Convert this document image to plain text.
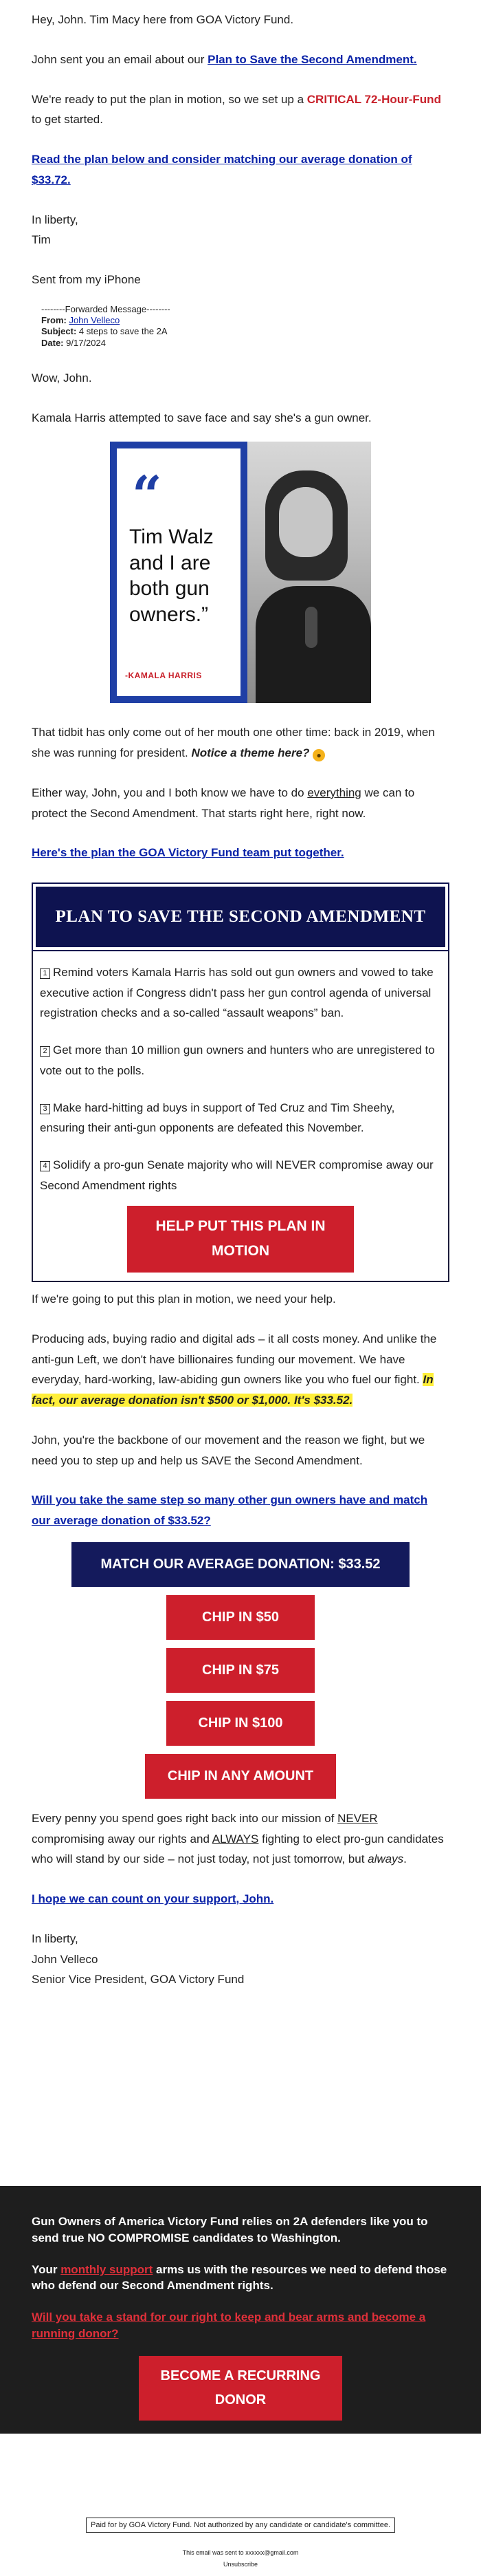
Hey, John. Tim Macy here from GOA Victory Fund.

John sent you an email about our Plan to Save the Second Amendment.

We're ready to put the plan in motion, so we set up a CRITICAL 72-Hour-Fund to get started.

Read the plan below and consider matching our average donation of $33.72.

In liberty,

Tim

Sent from my iPhone

--------Forwarded Message--------
From: John Velleco
Subject: 4 steps to save the 2A
Date: 9/17/2024

Wow, John.

Kamala Harris attempted to save face and say she's a gun owner.

“
Tim Walz and I are both gun owners.”
-KAMALA HARRIS

That tidbit has only come out of her mouth one other time: back in 2019, when she was running for president. Notice a theme here? ●

Either way, John, you and I both know we have to do everything we can to protect the Second Amendment. That starts right here, right now.

Here's the plan the GOA Victory Fund team put together.

PLAN TO SAVE THE SECOND AMENDMENT

1 Remind voters Kamala Harris has sold out gun owners and vowed to take executive action if Congress didn't pass her gun control agenda of universal registration checks and a so-called “assault weapons” ban.

2 Get more than 10 million gun owners and hunters who are unregistered to vote out to the polls.

3 Make hard-hitting ad buys in support of Ted Cruz and Tim Sheehy, ensuring their anti-gun opponents are defeated this November.

4 Solidify a pro-gun Senate majority who will NEVER compromise away our Second Amendment rights

HELP PUT THIS PLAN IN MOTION

If we're going to put this plan in motion, we need your help.

Producing ads, buying radio and digital ads – it all costs money. And unlike the anti-gun Left, we don't have billionaires funding our movement. We have everyday, hard-working, law-abiding gun owners like you who fuel our fight. In fact, our average donation isn't $500 or $1,000. It's $33.52.

John, you're the backbone of our movement and the reason we fight, but we need you to step up and help us SAVE the Second Amendment.

Will you take the same step so many other gun owners have and match our average donation of $33.52?

MATCH OUR AVERAGE DONATION: $33.52
CHIP IN $50
CHIP IN $75
CHIP IN $100
CHIP IN ANY AMOUNT

Every penny you spend goes right back into our mission of NEVER compromising away our rights and ALWAYS fighting to elect pro-gun candidates who will stand by our side – not just today, not just tomorrow, but always.

I hope we can count on your support, John.

In liberty,

John Velleco

Senior Vice President, GOA Victory Fund

Gun Owners of America Victory Fund relies on 2A defenders like you to send true NO COMPROMISE candidates to Washington.

Your monthly support arms us with the resources we need to defend those who defend our Second Amendment rights.

Will you take a stand for our right to keep and bear arms and become a running donor?

BECOME A RECURRING DONOR
Paid for by GOA Victory Fund. Not authorized by any candidate or candidate's committee.
This email was sent to xxxxxx@gmail.com
Unsubscribe
